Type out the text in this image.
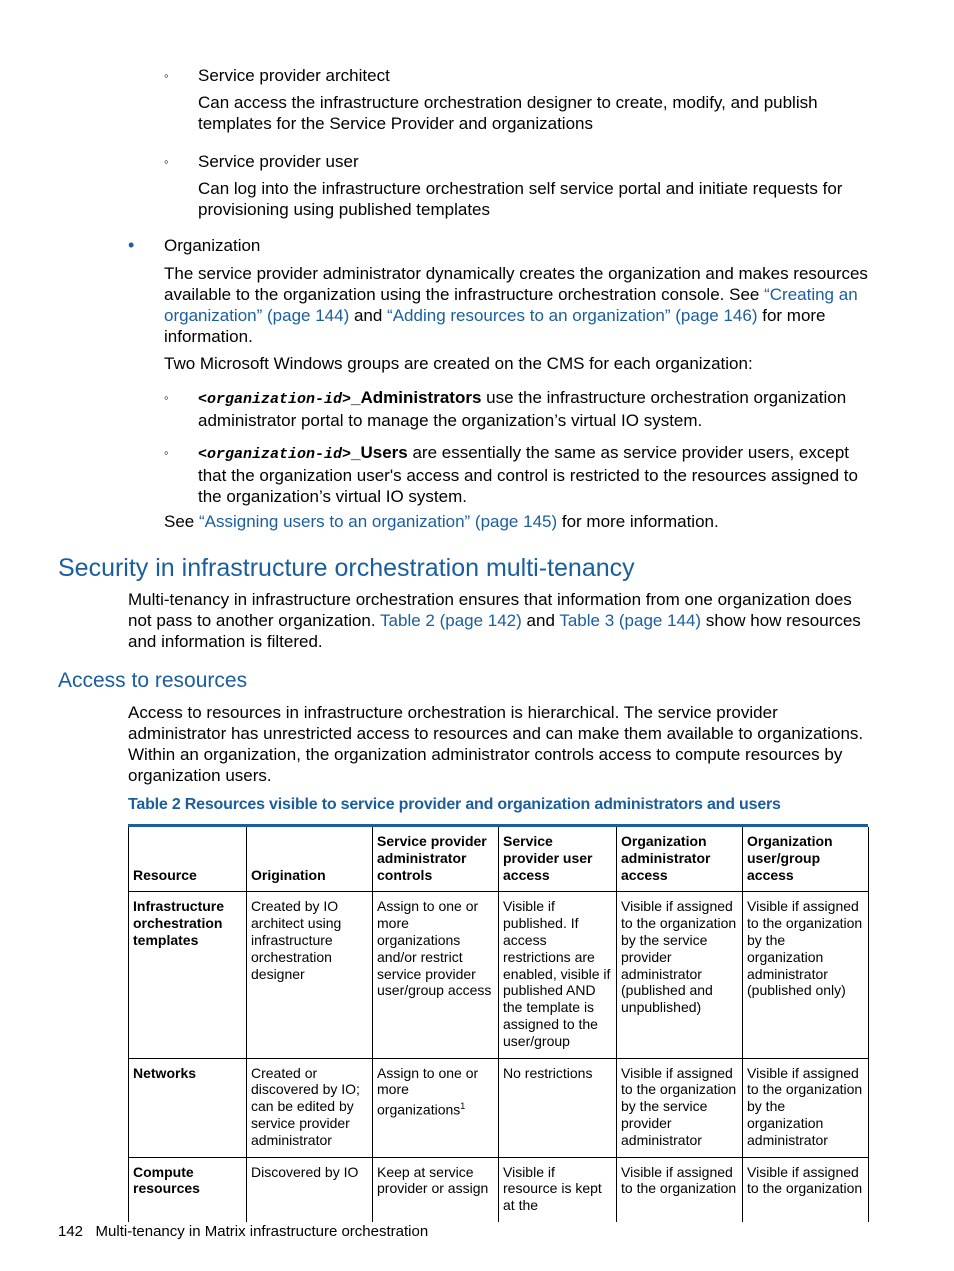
◦ Service provider architect

Can access the infrastructure orchestration designer to create, modify, and publish templates for the Service Provider and organizations

◦ Service provider user

Can log into the infrastructure orchestration self service portal and initiate requests for provisioning using published templates

• Organization

The service provider administrator dynamically creates the organization and makes resources available to the organization using the infrastructure orchestration console. See “Creating an organization” (page 144) and “Adding resources to an organization” (page 146) for more information.

Two Microsoft Windows groups are created on the CMS for each organization:

◦ <organization-id>_Administrators use the infrastructure orchestration organization administrator portal to manage the organization’s virtual IO system.

◦ <organization-id>_Users are essentially the same as service provider users, except that the organization user's access and control is restricted to the resources assigned to the organization’s virtual IO system.

See “Assigning users to an organization” (page 145) for more information.

Security in infrastructure orchestration multi-tenancy

Multi-tenancy in infrastructure orchestration ensures that information from one organization does not pass to another organization. Table 2 (page 142) and Table 3 (page 144) show how resources and information is filtered.

Access to resources

Access to resources in infrastructure orchestration is hierarchical. The service provider administrator has unrestricted access to resources and can make them available to organizations. Within an organization, the organization administrator controls access to compute resources by organization users.

Table 2 Resources visible to service provider and organization administrators and users
Resource	Origination	Service provider administrator controls	Service provider user access	Organization administrator access	Organization user/group access
Infrastructure orchestration templates	Created by IO architect using infrastructure orchestration designer	Assign to one or more organizations and/or restrict service provider user/group access	Visible if published. If access restrictions are enabled, visible if published AND the template is assigned to the user/group	Visible if assigned to the organization by the service provider administrator (published and unpublished)	Visible if assigned to the organization by the organization administrator (published only)
Networks	Created or discovered by IO; can be edited by service provider administrator	Assign to one or more organizations$^1$	No restrictions	Visible if assigned to the organization by the service provider administrator	Visible if assigned to the organization by the organization administrator
Compute resources	Discovered by IO	Keep at service provider or assign	Visible if resource is kept at the	Visible if assigned to the organization	Visible if assigned to the organization
142 Multi-tenancy in Matrix infrastructure orchestration
